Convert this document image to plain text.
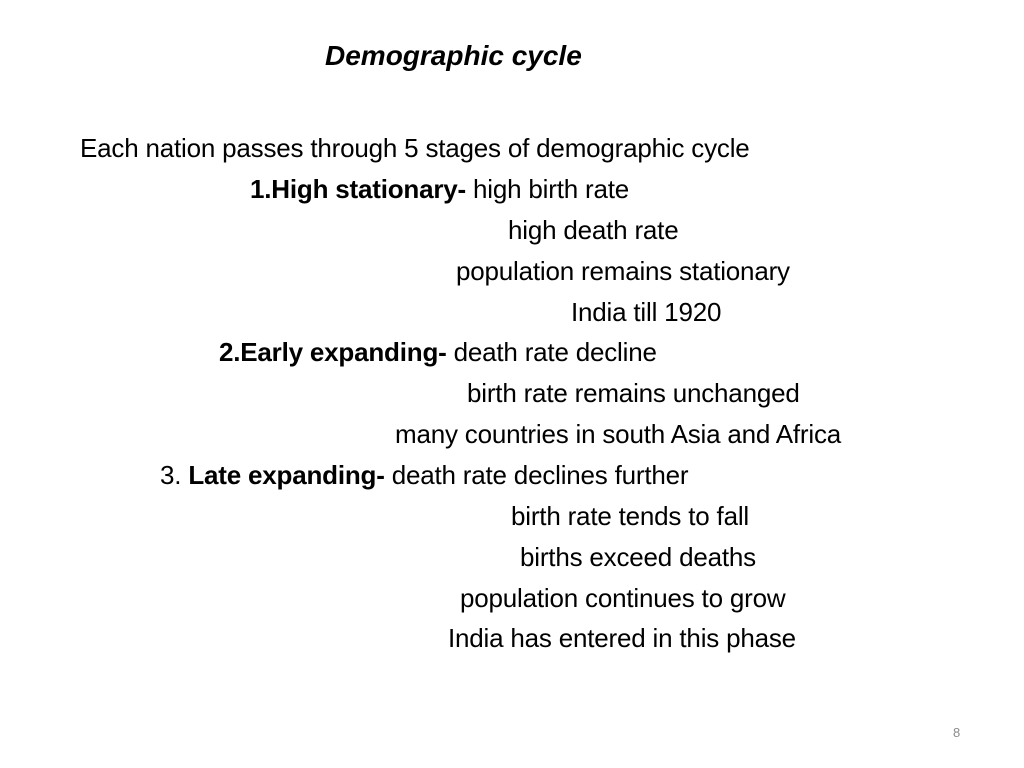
Demographic cycle
Each nation passes through 5 stages of demographic cycle
1.High stationary- high birth rate
high death rate
population remains stationary
India till 1920
2.Early expanding- death rate decline
birth rate remains unchanged
many countries in south Asia and Africa
3. Late expanding- death rate declines further
birth rate tends to fall
births exceed deaths
population continues to grow
India has entered in this phase
8
